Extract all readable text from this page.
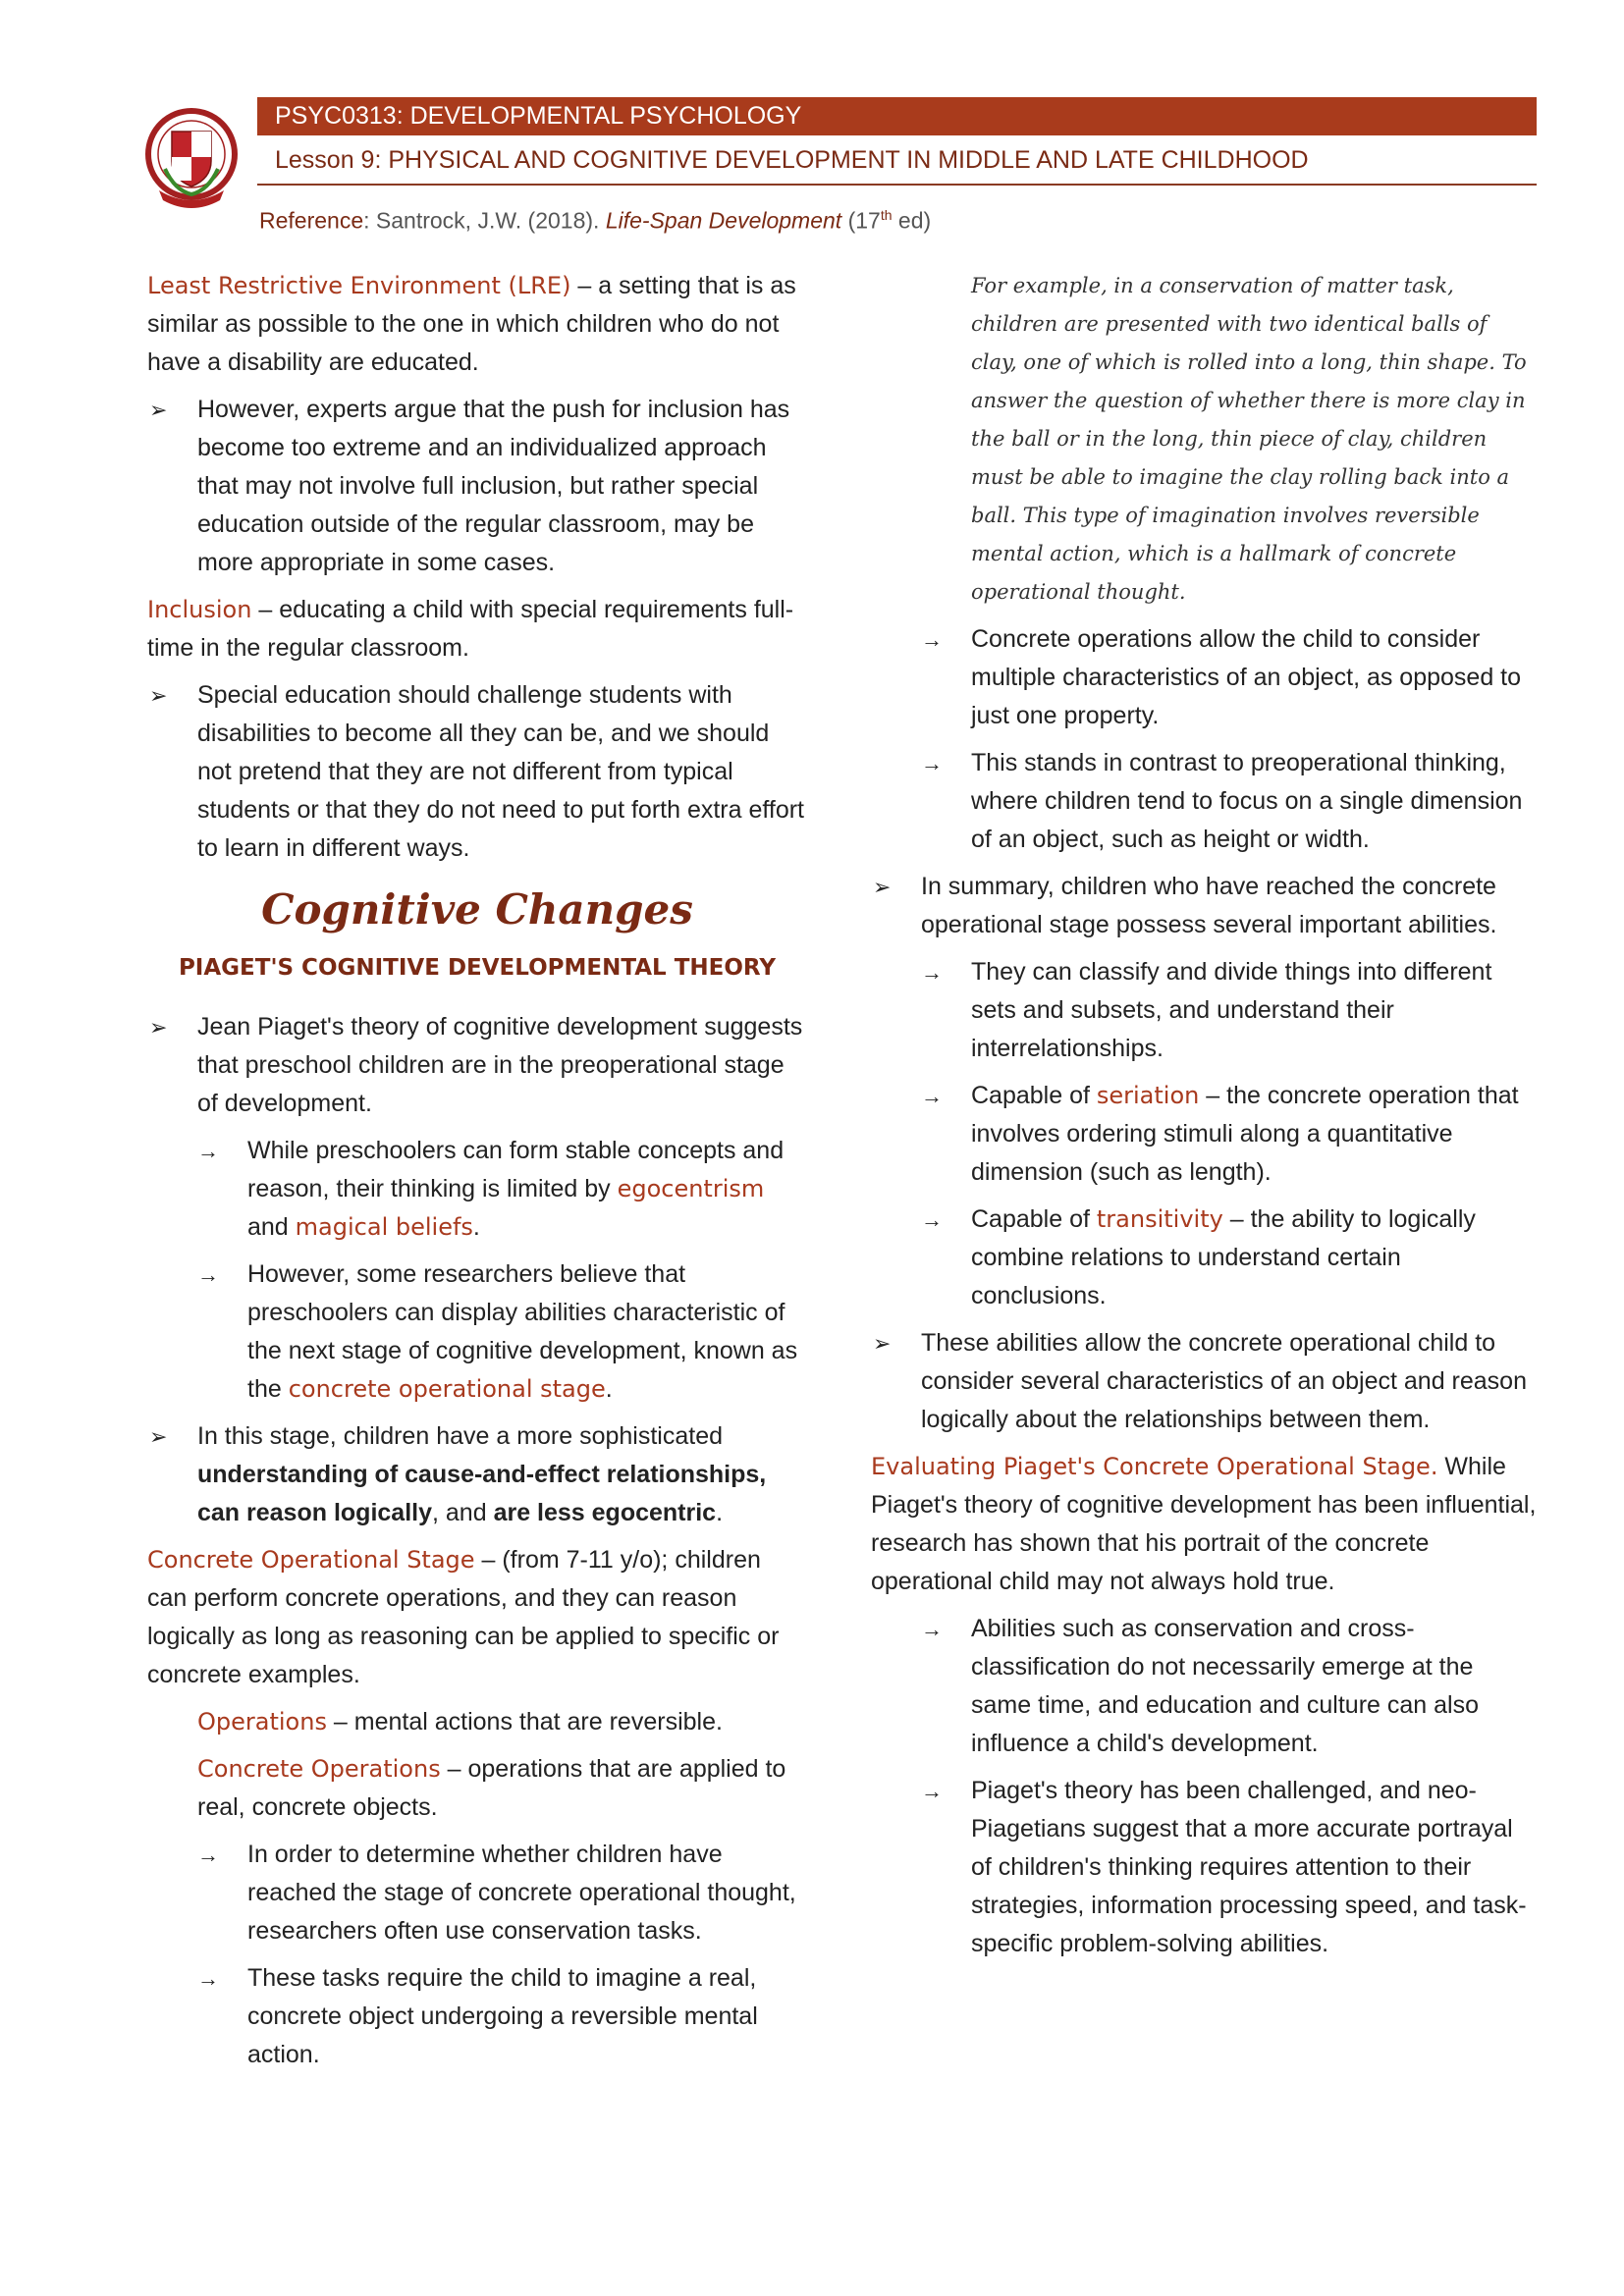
PSYC0313: DEVELOPMENTAL PSYCHOLOGY
Lesson 9: PHYSICAL AND COGNITIVE DEVELOPMENT IN MIDDLE AND LATE CHILDHOOD
Reference: Santrock, J.W. (2018). Life-Span Development (17th ed)
Least Restrictive Environment (LRE) – a setting that is as similar as possible to the one in which children who do not have a disability are educated.
➢ However, experts argue that the push for inclusion has become too extreme and an individualized approach that may not involve full inclusion, but rather special education outside of the regular classroom, may be more appropriate in some cases.
Inclusion – educating a child with special requirements full-time in the regular classroom.
➢ Special education should challenge students with disabilities to become all they can be, and we should not pretend that they are not different from typical students or that they do not need to put forth extra effort to learn in different ways.
Cognitive Changes
PIAGET'S COGNITIVE DEVELOPMENTAL THEORY
➢ Jean Piaget's theory of cognitive development suggests that preschool children are in the preoperational stage of development.
→ While preschoolers can form stable concepts and reason, their thinking is limited by egocentrism and magical beliefs.
→ However, some researchers believe that preschoolers can display abilities characteristic of the next stage of cognitive development, known as the concrete operational stage.
➢ In this stage, children have a more sophisticated understanding of cause-and-effect relationships, can reason logically, and are less egocentric.
Concrete Operational Stage – (from 7-11 y/o); children can perform concrete operations, and they can reason logically as long as reasoning can be applied to specific or concrete examples.
Operations – mental actions that are reversible.
Concrete Operations – operations that are applied to real, concrete objects.
→ In order to determine whether children have reached the stage of concrete operational thought, researchers often use conservation tasks.
→ These tasks require the child to imagine a real, concrete object undergoing a reversible mental action.
For example, in a conservation of matter task, children are presented with two identical balls of clay, one of which is rolled into a long, thin shape. To answer the question of whether there is more clay in the ball or in the long, thin piece of clay, children must be able to imagine the clay rolling back into a ball. This type of imagination involves reversible mental action, which is a hallmark of concrete operational thought.
→ Concrete operations allow the child to consider multiple characteristics of an object, as opposed to just one property.
→ This stands in contrast to preoperational thinking, where children tend to focus on a single dimension of an object, such as height or width.
➢ In summary, children who have reached the concrete operational stage possess several important abilities.
→ They can classify and divide things into different sets and subsets, and understand their interrelationships.
→ Capable of seriation – the concrete operation that involves ordering stimuli along a quantitative dimension (such as length).
→ Capable of transitivity – the ability to logically combine relations to understand certain conclusions.
➢ These abilities allow the concrete operational child to consider several characteristics of an object and reason logically about the relationships between them.
Evaluating Piaget's Concrete Operational Stage. While Piaget's theory of cognitive development has been influential, research has shown that his portrait of the concrete operational child may not always hold true.
→ Abilities such as conservation and cross-classification do not necessarily emerge at the same time, and education and culture can also influence a child's development.
→ Piaget's theory has been challenged, and neo-Piagetians suggest that a more accurate portrayal of children's thinking requires attention to their strategies, information processing speed, and task-specific problem-solving abilities.
